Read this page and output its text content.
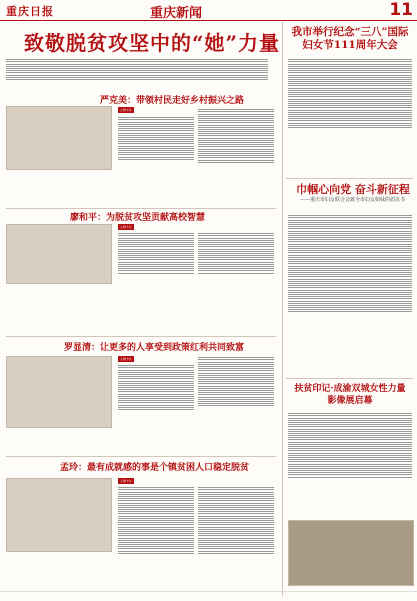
重庆日报	重庆新闻	11
致敬脱贫攻坚中的“她”力量
严克美：带领村民走好乡村振兴之路
人物卡片
廖和平：为脱贫攻坚贡献高校智慧
人物卡片
罗显清：让更多的人享受到政策红利共同致富
人物卡片
孟玲：最有成就感的事是个镇贫困人口稳定脱贫
人物卡片
我市举行纪念“三八”国际妇女节111周年大会
巾帼心向党 奋斗新征程
——重庆市妇女联合会致全市妇女姐妹的倡议书
扶贫印记·成渝双城女性力量影像展启幕
